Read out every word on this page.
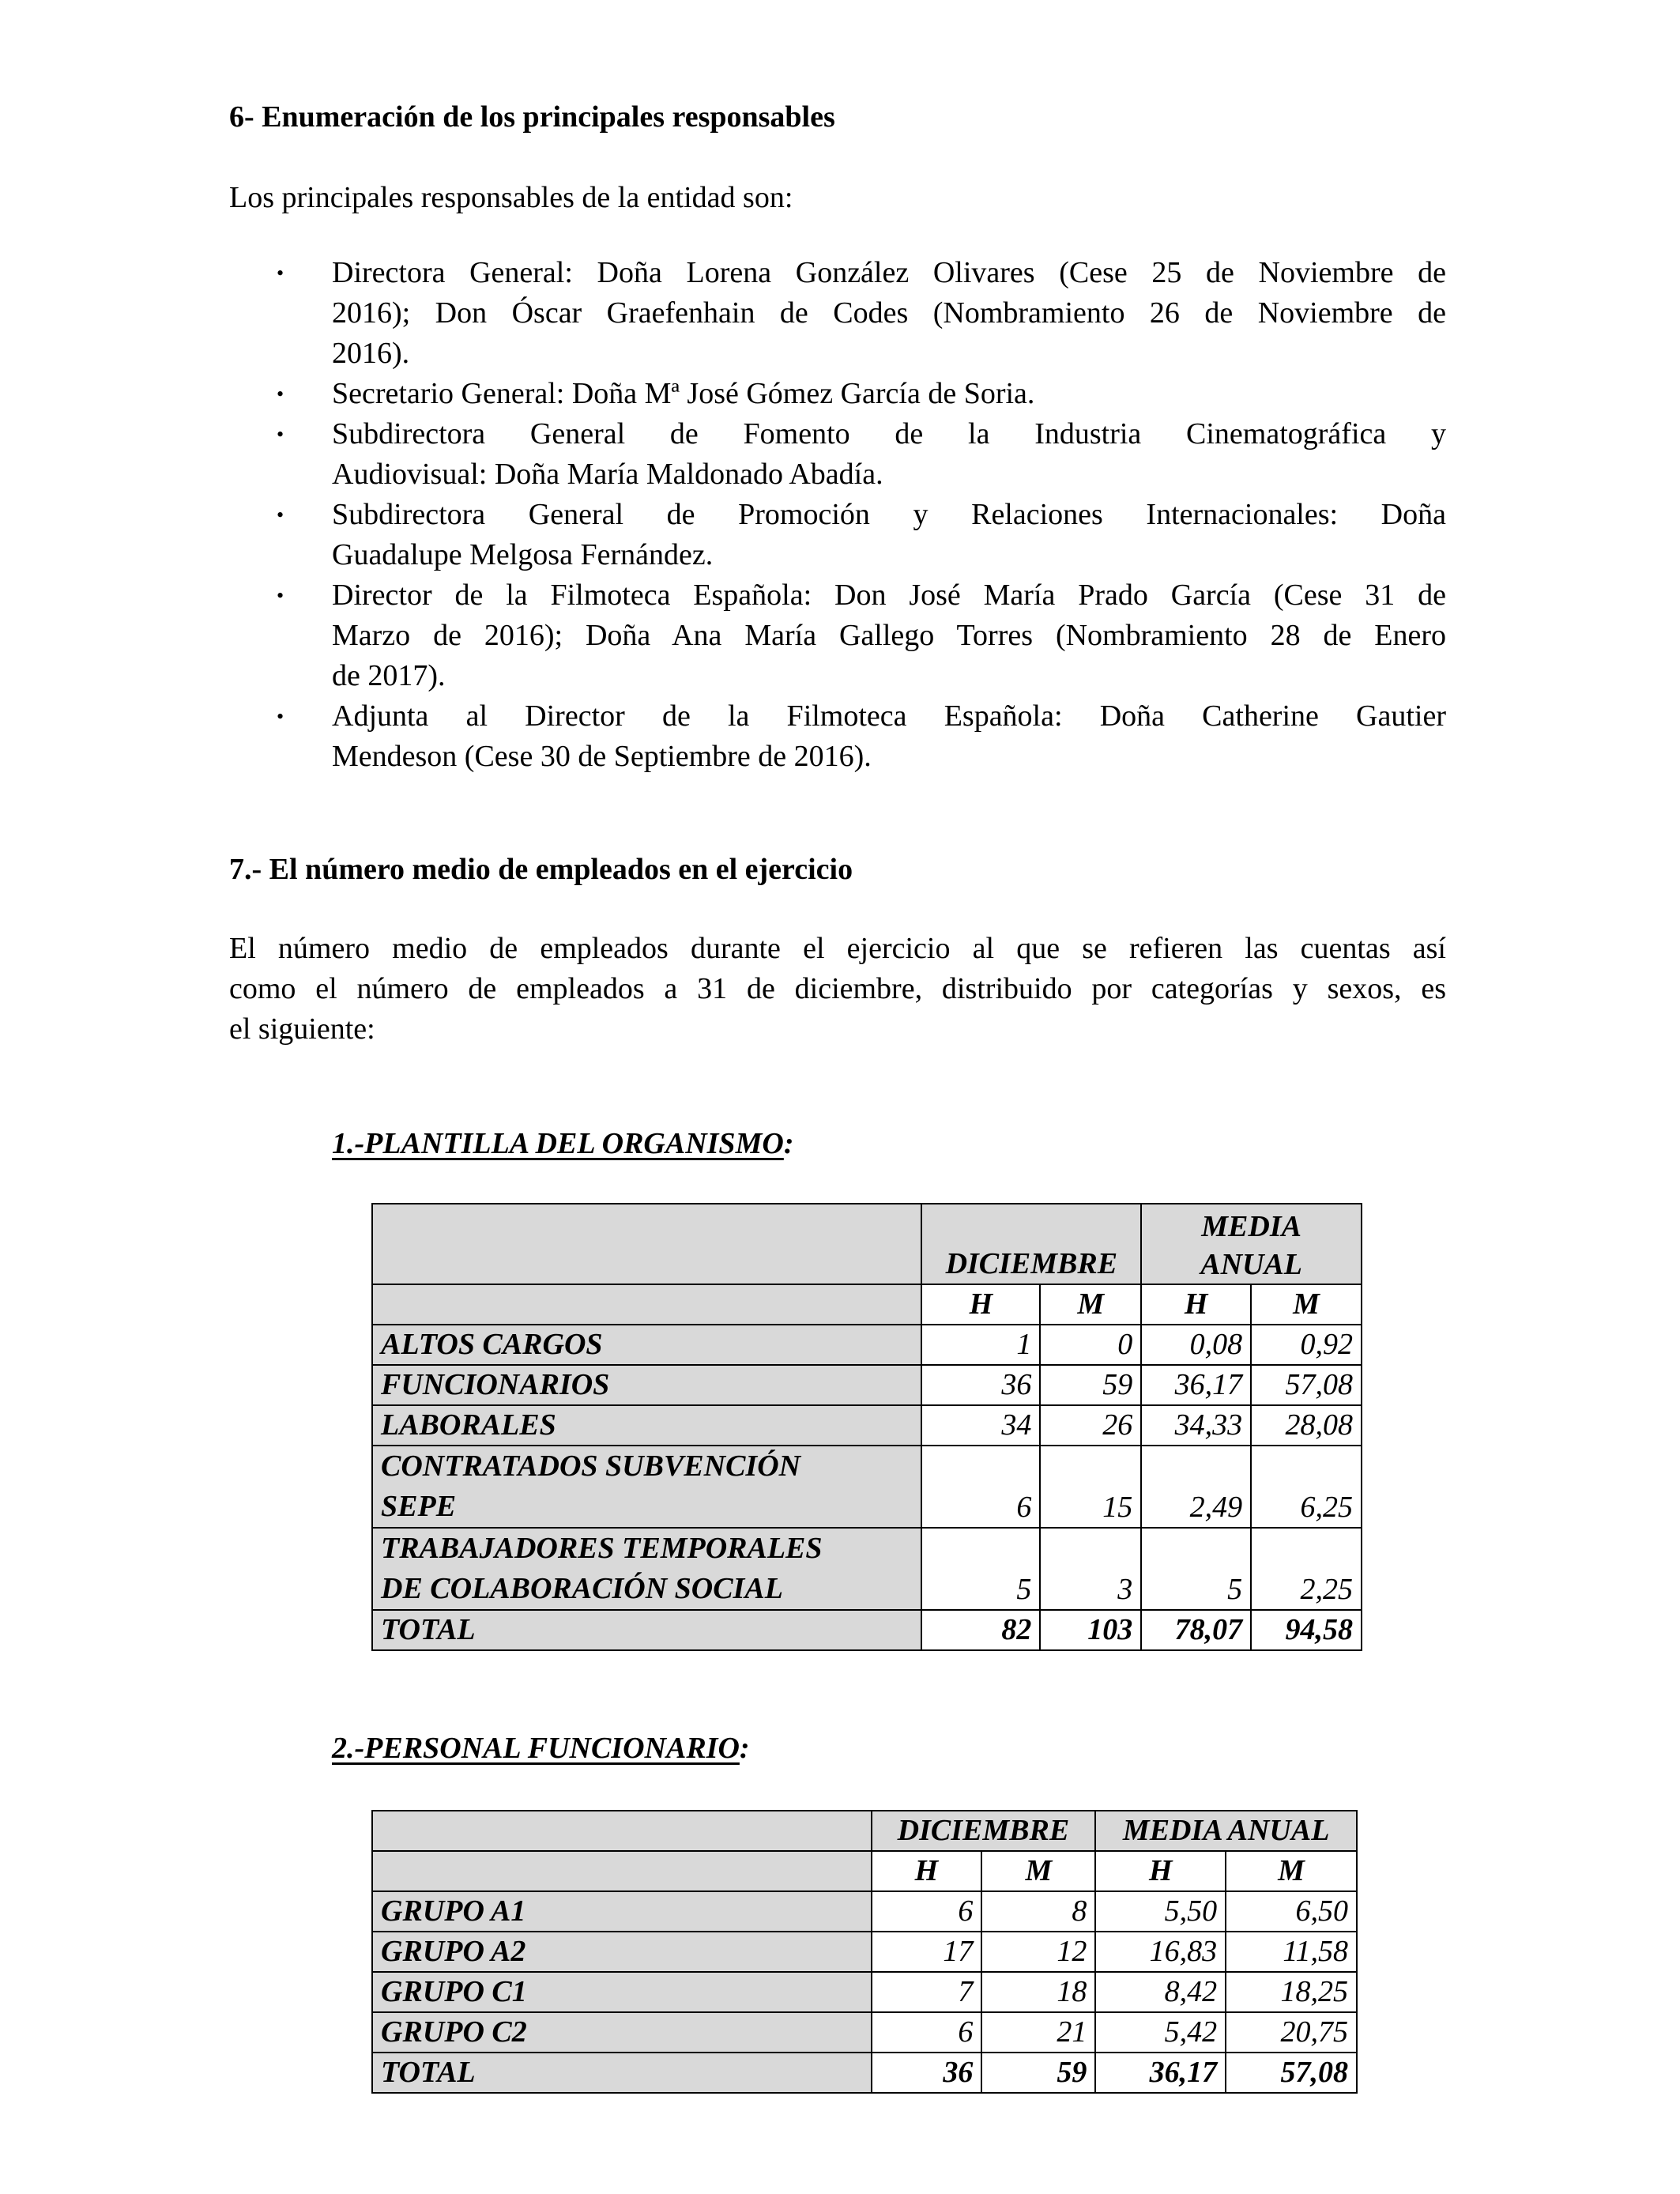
6- Enumeración de los principales responsables
Los principales responsables de la entidad son:
• Directora General: Doña Lorena González Olivares (Cese 25 de Noviembre de
2016); Don Óscar Graefenhain de Codes (Nombramiento 26 de Noviembre de
2016).
• Secretario General: Doña Mª José Gómez García de Soria.
• Subdirectora General de Fomento de la Industria Cinematográfica y
Audiovisual: Doña María Maldonado Abadía.
• Subdirectora General de Promoción y Relaciones Internacionales: Doña
Guadalupe Melgosa Fernández.
• Director de la Filmoteca Española: Don José María Prado García (Cese 31 de
Marzo de 2016); Doña Ana María Gallego Torres (Nombramiento 28 de Enero
de 2017).
• Adjunta al Director de la Filmoteca Española: Doña Catherine Gautier
Mendeson (Cese 30 de Septiembre de 2016).
7.- El número medio de empleados en el ejercicio
El número medio de empleados durante el ejercicio al que se refieren las cuentas así
como el número de empleados a 31 de diciembre, distribuido por categorías y sexos, es
el siguiente:
1.-PLANTILLA DEL ORGANISMO:
	DICIEMBRE		MEDIA
ANUAL	

	H	M	H	M
ALTOS CARGOS	1	0	0,08	0,92
FUNCIONARIOS	36	59	36,17	57,08
LABORALES	34	26	34,33	28,08

CONTRATADOS SUBVENCIÓN
SEPE	6	15	2,49	6,25

TRABAJADORES TEMPORALES
DE COLABORACIÓN SOCIAL	5	3	5	2,25
TOTAL	82	103	78,07	94,58
2.-PERSONAL FUNCIONARIO:
	DICIEMBRE		MEDIA ANUAL	
	H	M	H	M
GRUPO A1	6	8	5,50	6,50
GRUPO A2	17	12	16,83	11,58
GRUPO C1	7	18	8,42	18,25
GRUPO C2	6	21	5,42	20,75
TOTAL	36	59	36,17	57,08
